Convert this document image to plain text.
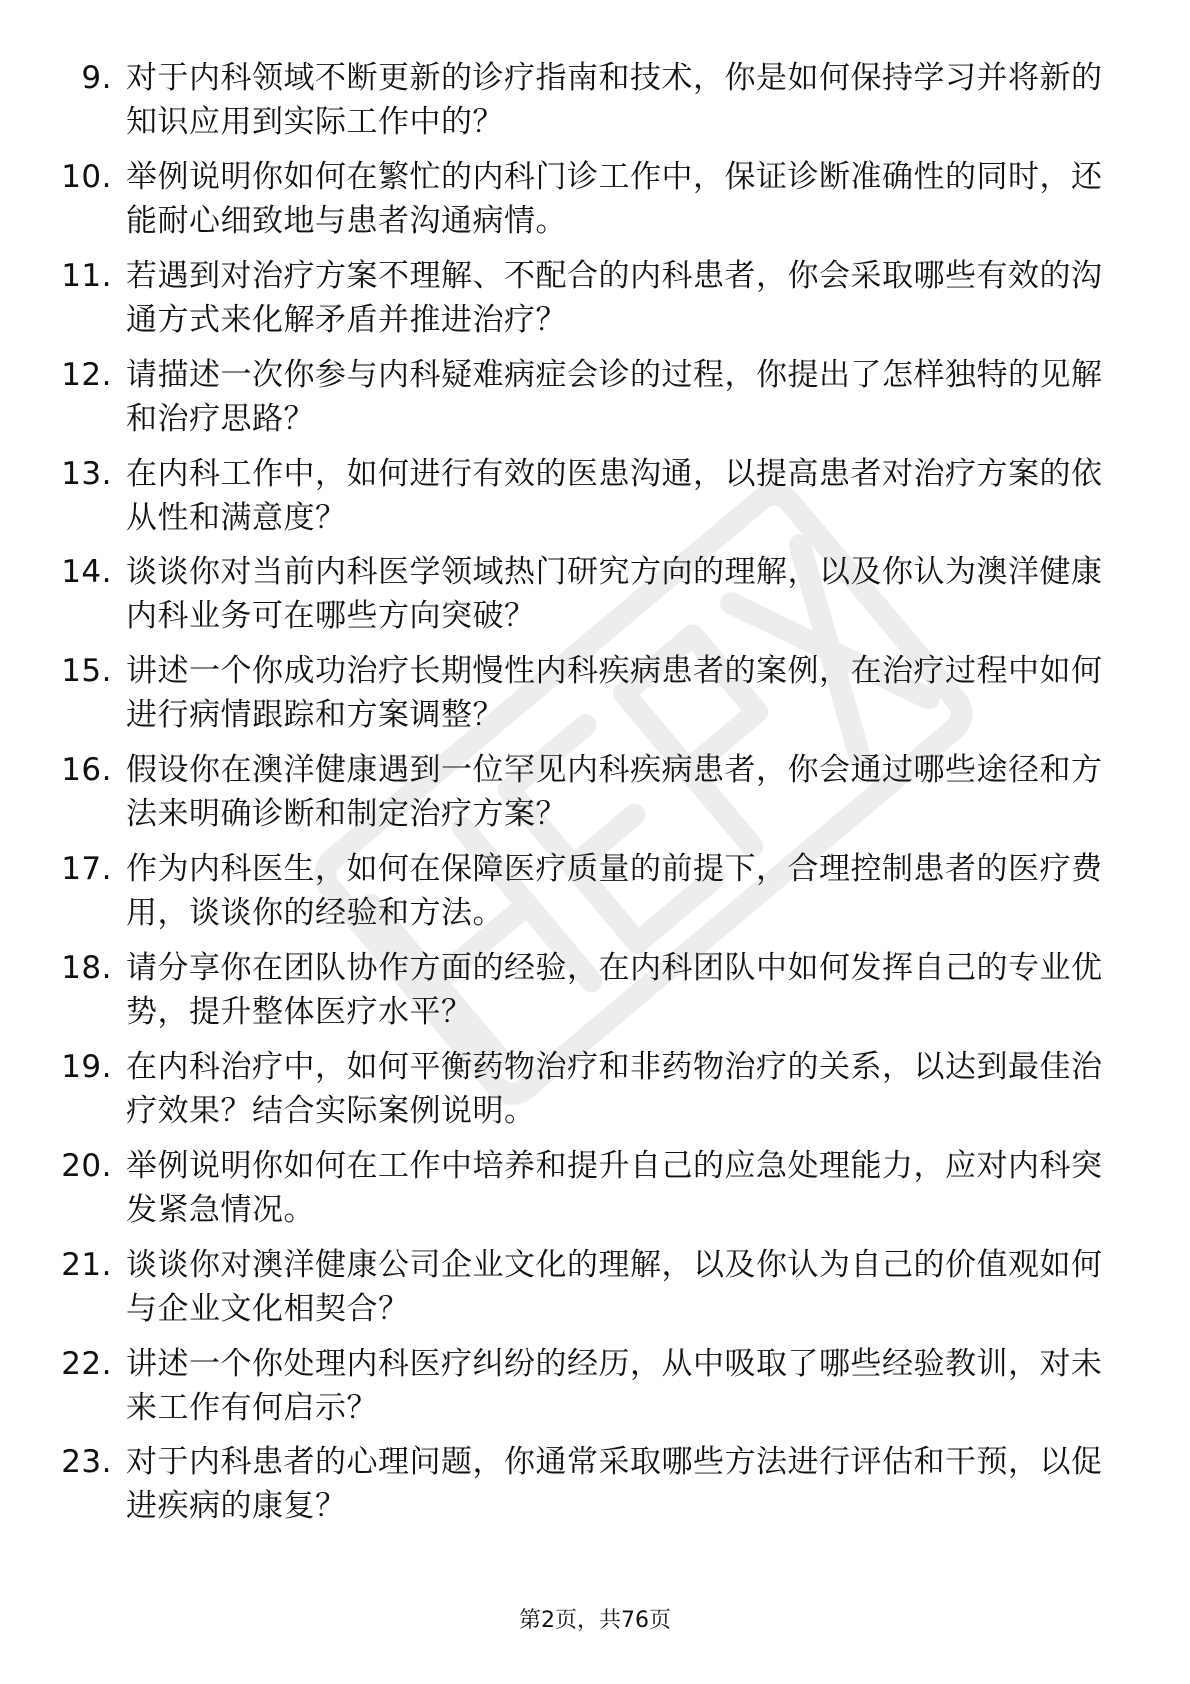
9. 对于内科领域不断更新的诊疗指南和技术，你是如何保持学习并将新的知识应用到实际工作中的？
10. 举例说明你如何在繁忙的内科门诊工作中，保证诊断准确性的同时，还能耐心细致地与患者沟通病情。
11. 若遇到对治疗方案不理解、不配合的内科患者，你会采取哪些有效的沟通方式来化解矛盾并推进治疗？
12. 请描述一次你参与内科疑难病症会诊的过程，你提出了怎样独特的见解和治疗思路？
13. 在内科工作中，如何进行有效的医患沟通，以提高患者对治疗方案的依从性和满意度？
14. 谈谈你对当前内科医学领域热门研究方向的理解，以及你认为澳洋健康内科业务可在哪些方向突破？
15. 讲述一个你成功治疗长期慢性内科疾病患者的案例，在治疗过程中如何进行病情跟踪和方案调整？
16. 假设你在澳洋健康遇到一位罕见内科疾病患者，你会通过哪些途径和方法来明确诊断和制定治疗方案？
17. 作为内科医生，如何在保障医疗质量的前提下，合理控制患者的医疗费用，谈谈你的经验和方法。
18. 请分享你在团队协作方面的经验，在内科团队中如何发挥自己的专业优势，提升整体医疗水平？
19. 在内科治疗中，如何平衡药物治疗和非药物治疗的关系，以达到最佳治疗效果？结合实际案例说明。
20. 举例说明你如何在工作中培养和提升自己的应急处理能力，应对内科突发紧急情况。
21. 谈谈你对澳洋健康公司企业文化的理解，以及你认为自己的价值观如何与企业文化相契合？
22. 讲述一个你处理内科医疗纠纷的经历，从中吸取了哪些经验教训，对未来工作有何启示？
23. 对于内科患者的心理问题，你通常采取哪些方法进行评估和干预，以促进疾病的康复？
第2页，共76页
